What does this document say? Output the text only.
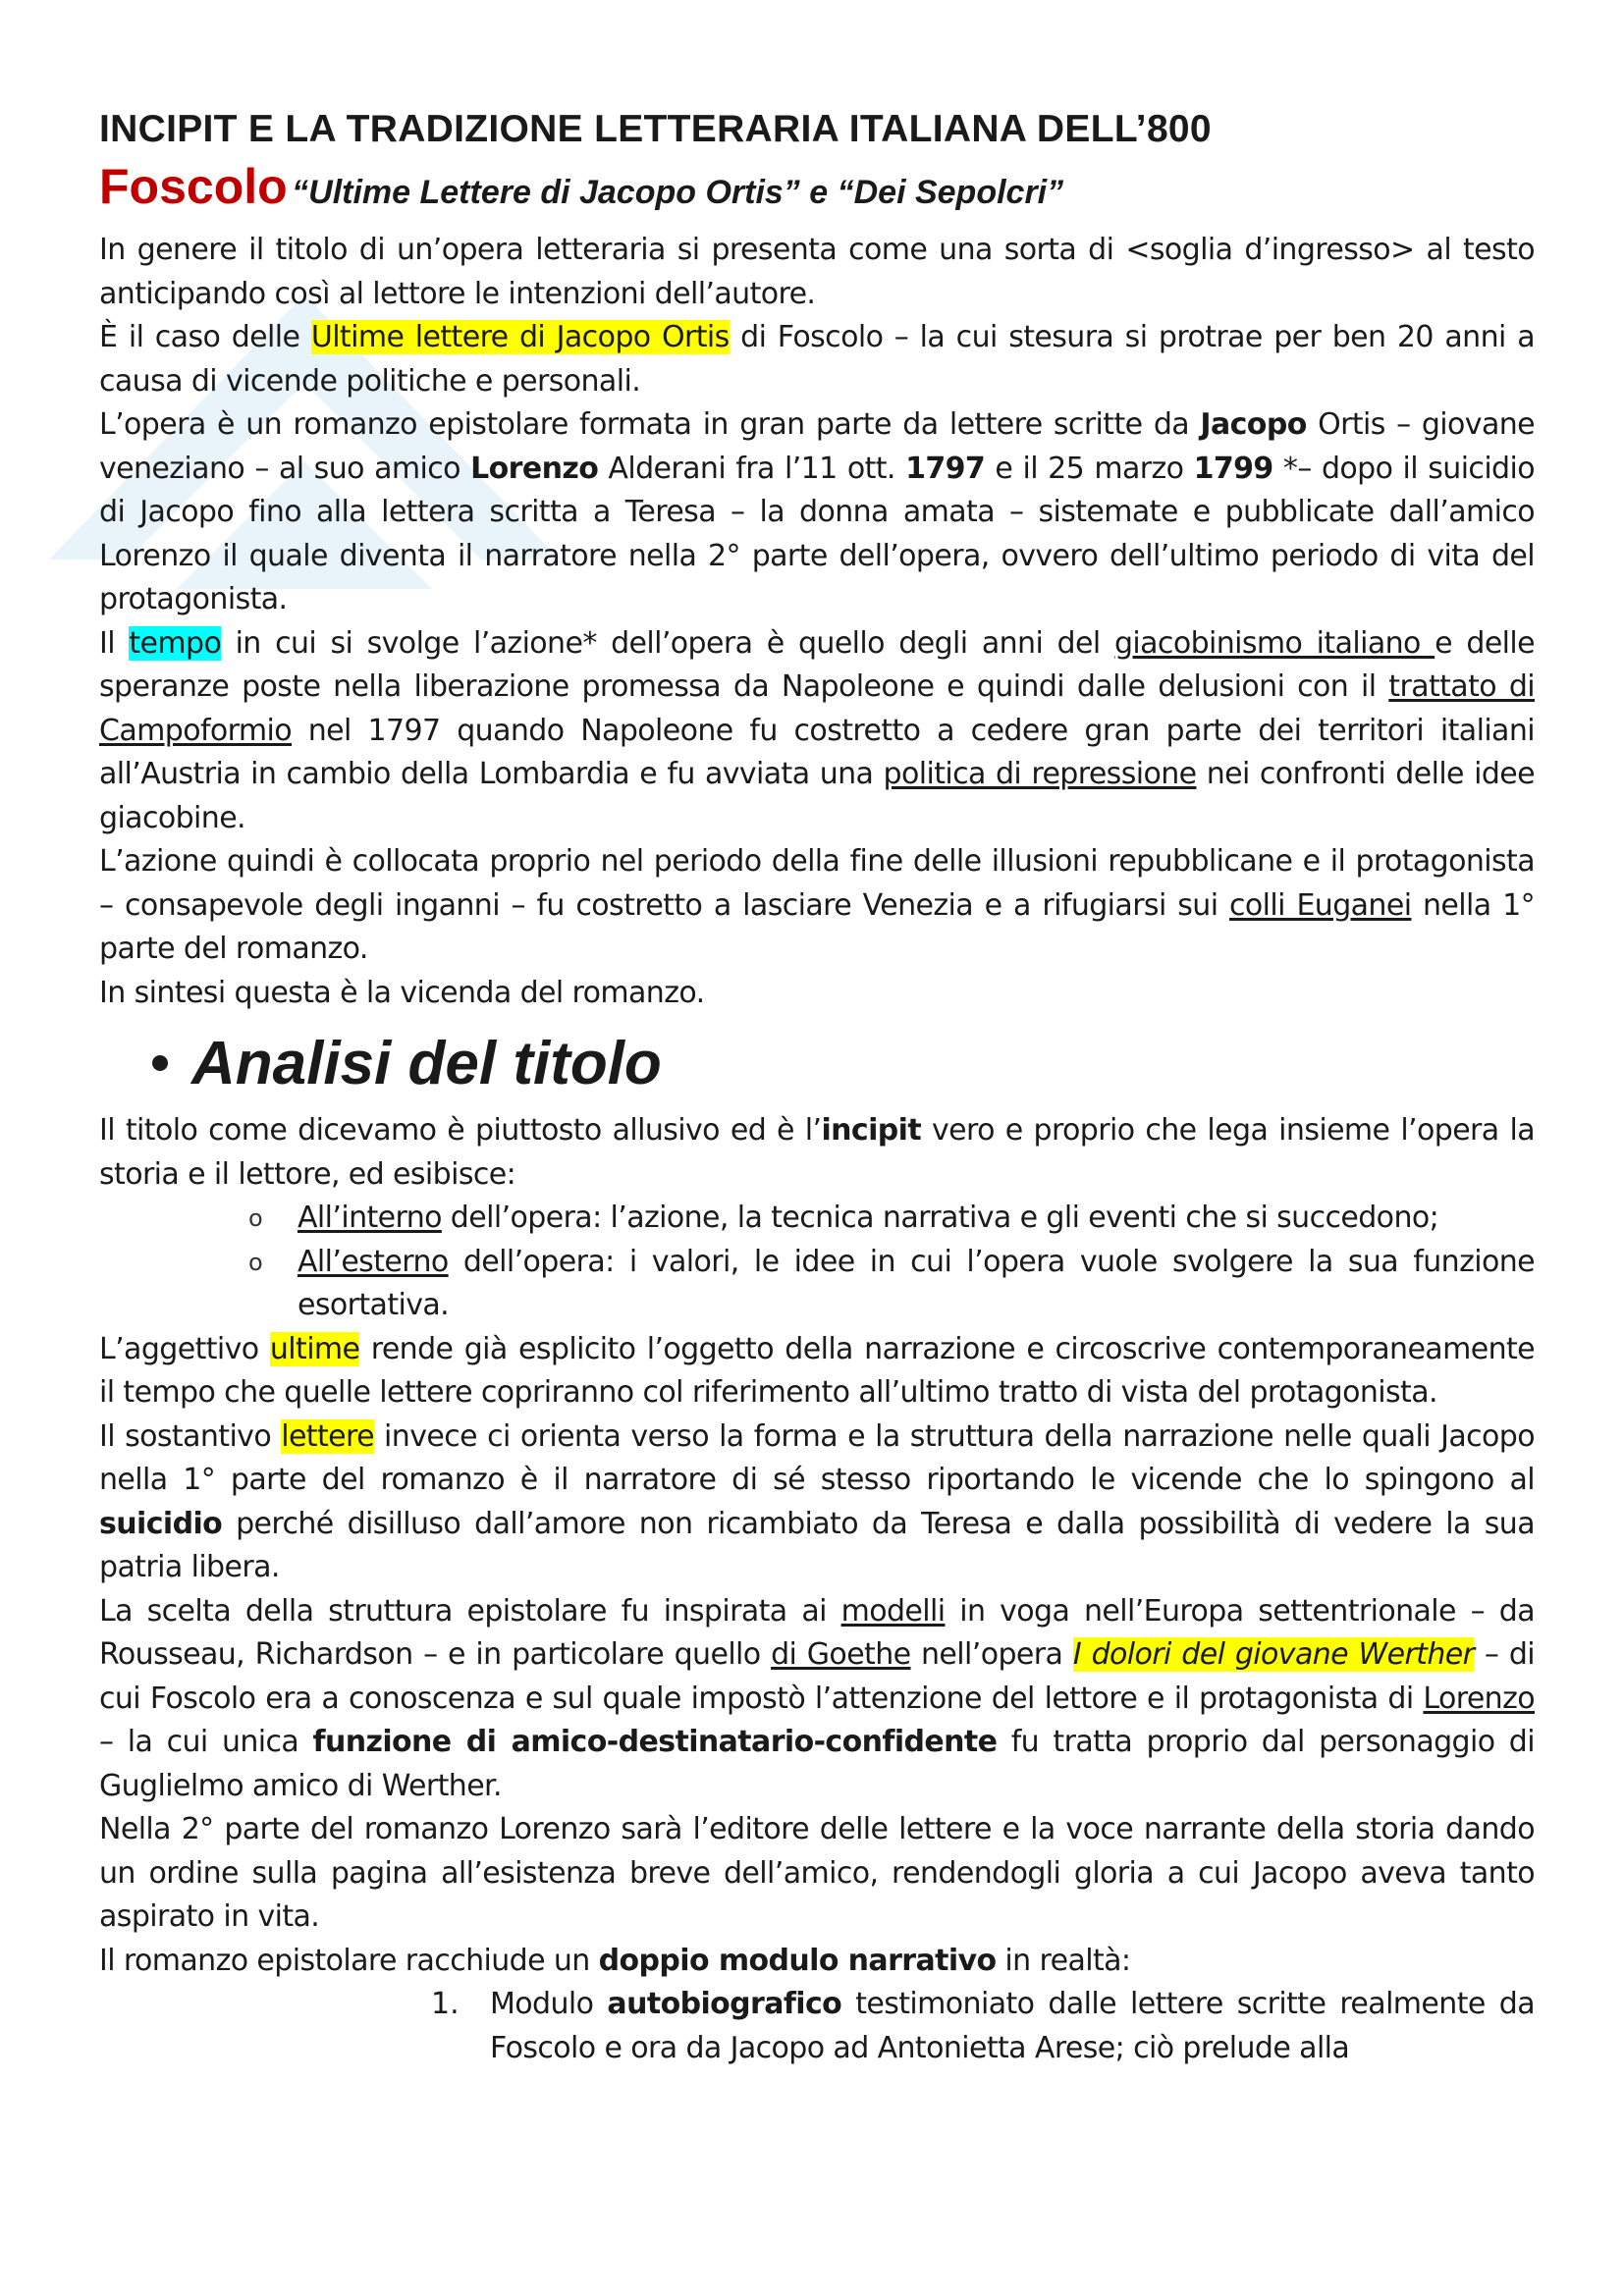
INCIPIT E LA TRADIZIONE LETTERARIA ITALIANA DELL’800
Foscolo “Ultime Lettere di Jacopo Ortis” e “Dei Sepolcri”

In genere il titolo di un’opera letteraria si presenta come una sorta di <soglia d’ingresso> al testo anticipando così al lettore le intenzioni dell’autore.

È il caso delle Ultime lettere di Jacopo Ortis di Foscolo – la cui stesura si protrae per ben 20 anni a causa di vicende politiche e personali.

L’opera è un romanzo epistolare formata in gran parte da lettere scritte da Jacopo Ortis – giovane veneziano – al suo amico Lorenzo Alderani fra l’11 ott. 1797 e il 25 marzo 1799 *– dopo il suicidio di Jacopo fino alla lettera scritta a Teresa – la donna amata – sistemate e pubblicate dall’amico Lorenzo il quale diventa il narratore nella 2° parte dell’opera, ovvero dell’ultimo periodo di vita del protagonista.

Il tempo in cui si svolge l’azione* dell’opera è quello degli anni del giacobinismo italiano e delle speranze poste nella liberazione promessa da Napoleone e quindi dalle delusioni con il trattato di Campoformio nel 1797 quando Napoleone fu costretto a cedere gran parte dei territori italiani all’Austria in cambio della Lombardia e fu avviata una politica di repressione nei confronti delle idee giacobine.

L’azione quindi è collocata proprio nel periodo della fine delle illusioni repubblicane e il protagonista – consapevole degli inganni – fu costretto a lasciare Venezia e a rifugiarsi sui colli Euganei nella 1° parte del romanzo.

In sintesi questa è la vicenda del romanzo.

Analisi del titolo

Il titolo come dicevamo è piuttosto allusivo ed è l’incipit vero e proprio che lega insieme l’opera la storia e il lettore, ed esibisce:

o	All’interno dell’opera: l’azione, la tecnica narrativa e gli eventi che si succedono;
o	All’esterno dell’opera: i valori, le idee in cui l’opera vuole svolgere la sua funzione esortativa.

L’aggettivo ultime rende già esplicito l’oggetto della narrazione e circoscrive contemporaneamente il tempo che quelle lettere copriranno col riferimento all’ultimo tratto di vista del protagonista.

Il sostantivo lettere invece ci orienta verso la forma e la struttura della narrazione nelle quali Jacopo nella 1° parte del romanzo è il narratore di sé stesso riportando le vicende che lo spingono al suicidio perché disilluso dall’amore non ricambiato da Teresa e dalla possibilità di vedere la sua patria libera.

La scelta della struttura epistolare fu inspirata ai modelli in voga nell’Europa settentrionale – da Rousseau, Richardson – e in particolare quello di Goethe nell’opera I dolori del giovane Werther – di cui Foscolo era a conoscenza e sul quale impostò l’attenzione del lettore e il protagonista di Lorenzo – la cui unica funzione di amico-destinatario-confidente fu tratta proprio dal personaggio di Guglielmo amico di Werther.

Nella 2° parte del romanzo Lorenzo sarà l’editore delle lettere e la voce narrante della storia dando un ordine sulla pagina all’esistenza breve dell’amico, rendendogli gloria a cui Jacopo aveva tanto aspirato in vita.

Il romanzo epistolare racchiude un doppio modulo narrativo in realtà:

1.	Modulo autobiografico testimoniato dalle lettere scritte realmente da Foscolo e ora da Jacopo ad Antonietta Arese; ciò prelude alla
